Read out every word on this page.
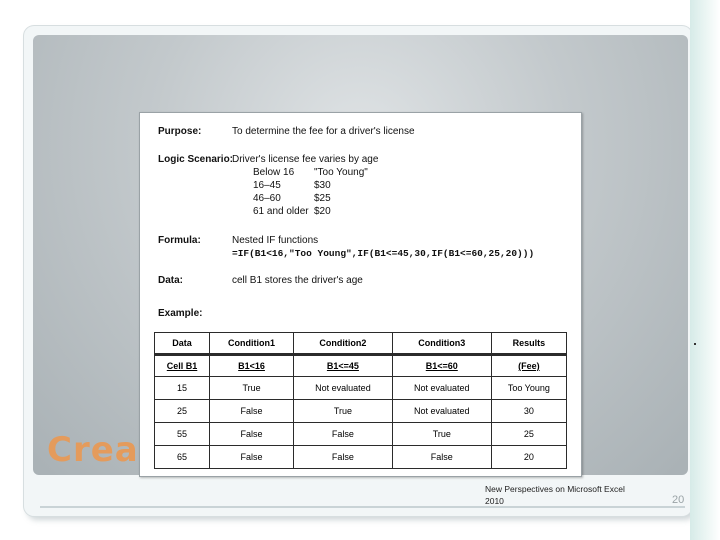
Crea
Purpose:	To determine the fee for a driver's license
Logic Scenario:
Driver's license fee varies by age
Below 16 "Too Young"
16–45	$30
46–60	$25
61 and older $20
Formula:	Nested IF functions
=IF(B1<16,"Too Young",IF(B1<=45,30,IF(B1<=60,25,20)))
Data:	cell B1 stores the driver's age
Example:
Data	Condition1	Condition2	Condition3	Results
Cell B1	B1<16	B1<=45	B1<=60	(Fee)
15	True	Not evaluated	Not evaluated	Too Young
25	False	True	Not evaluated	30
55	False	False	True	25
65	False	False	False	20
New Perspectives on Microsoft Excel
2010	20
